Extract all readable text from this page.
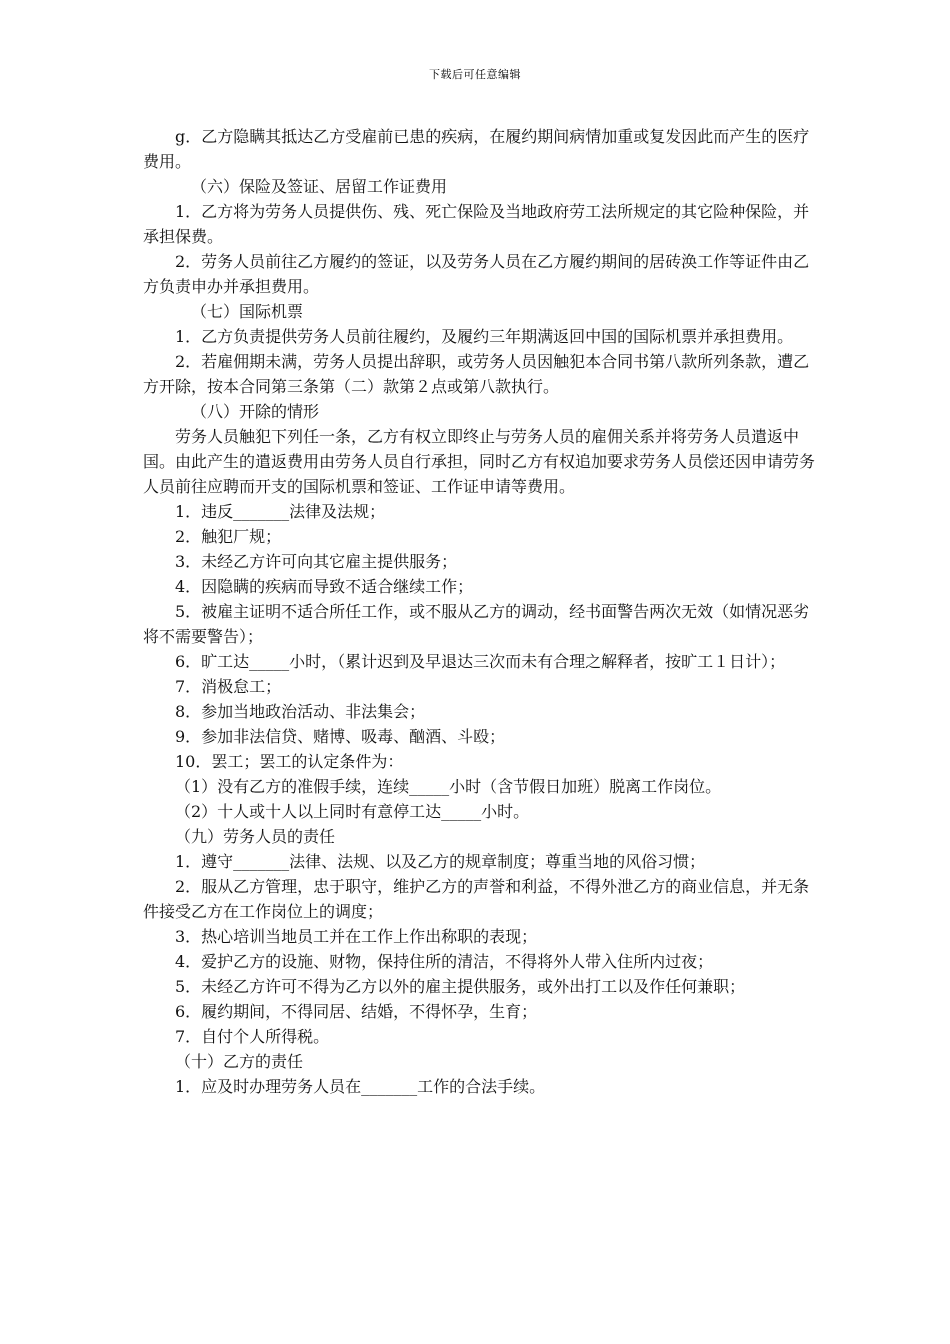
下载后可任意编辑

g．乙方隐瞒其抵达乙方受雇前已患的疾病，在履约期间病情加重或复发因此而产生的医疗费用。

（六）保险及签证、居留工作证费用

1．乙方将为劳务人员提供伤、残、死亡保险及当地政府劳工法所规定的其它险种保险，并承担保费。

2．劳务人员前往乙方履约的签证，以及劳务人员在乙方履约期间的居砖涣工作等证件由乙方负责申办并承担费用。

（七）国际机票

1．乙方负责提供劳务人员前往履约，及履约三年期满返回中国的国际机票并承担费用。

2．若雇佣期未满，劳务人员提出辞职，或劳务人员因触犯本合同书第八款所列条款，遭乙方开除，按本合同第三条第（二）款第２点或第八款执行。

（八）开除的情形

劳务人员触犯下列任一条，乙方有权立即终止与劳务人员的雇佣关系并将劳务人员遣返中国。由此产生的遣返费用由劳务人员自行承担，同时乙方有权追加要求劳务人员偿还因申请劳务人员前往应聘而开支的国际机票和签证、工作证申请等费用。

1．违反_______法律及法规；

2．触犯厂规；

3．未经乙方许可向其它雇主提供服务；

4．因隐瞒的疾病而导致不适合继续工作；

5．被雇主证明不适合所任工作，或不服从乙方的调动，经书面警告两次无效（如情况恶劣将不需要警告）；

6．旷工达_____小时，（累计迟到及早退达三次而未有合理之解释者，按旷工１日计）；

7．消极怠工；

8．参加当地政治活动、非法集会；

9．参加非法信贷、赌博、吸毒、酗酒、斗殴；

10．罢工；罢工的认定条件为：

（1）没有乙方的准假手续，连续_____小时（含节假日加班）脱离工作岗位。

（2）十人或十人以上同时有意停工达_____小时。

（九）劳务人员的责任

1．遵守_______法律、法规、以及乙方的规章制度；尊重当地的风俗习惯；

2．服从乙方管理，忠于职守，维护乙方的声誉和利益，不得外泄乙方的商业信息，并无条件接受乙方在工作岗位上的调度；

3．热心培训当地员工并在工作上作出称职的表现；

4．爱护乙方的设施、财物，保持住所的清洁，不得将外人带入住所内过夜；

5．未经乙方许可不得为乙方以外的雇主提供服务，或外出打工以及作任何兼职；

6．履约期间，不得同居、结婚，不得怀孕，生育；

7．自付个人所得税。

（十）乙方的责任

1．应及时办理劳务人员在_______工作的合法手续。
